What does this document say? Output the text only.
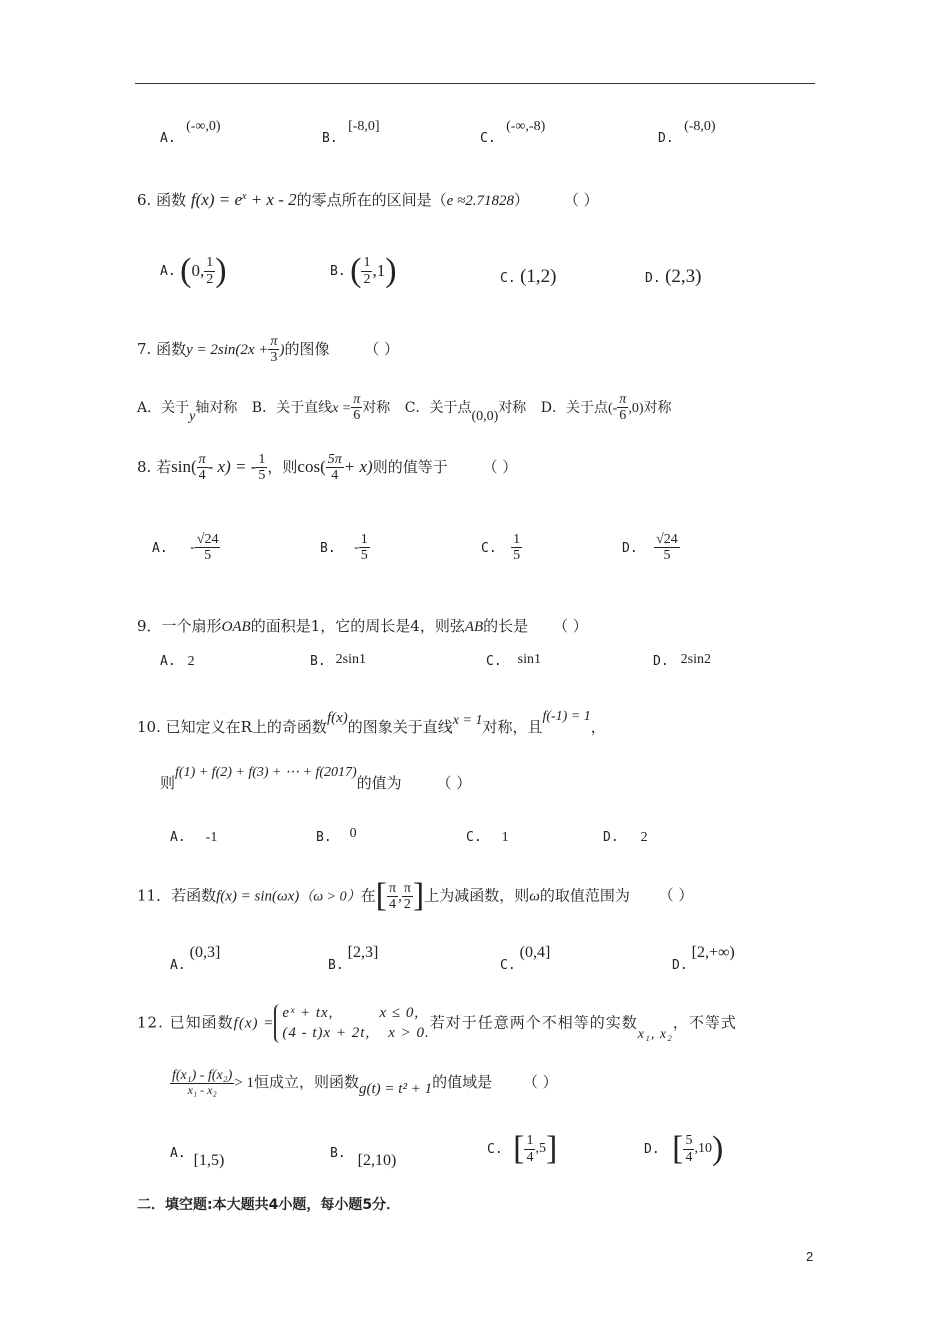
A. (-∞,0)
B. [-8,0]
C. (-∞,-8)
D. (-8,0)
6. 函数 $f(x) = e^x + x - 2$的零点所在的区间是（e ≈2.71828） （ ）
A. (0, $\frac{1}{2}$ )	B. ( $\frac{1}{2} ,1$)	C. (1,2)	D. (2,3)
7. 函数$y = 2\sin(2x + \frac{\pi}{3}$ )的图像 （ ）
A．关于y轴对称 B．关于直线$x = \frac{\pi}{6}$ 对称 C．关于点(0,0)对称 D．关于点(- $\frac{\pi}{6} ,0$)对称
8. 若$\sin( \frac{\pi}{4} - x)$ = - $\frac{1}{5}$ ，则$\cos( \frac{5\pi}{4} + x)$则的值等于 （ ）
A. - $\frac{√24}{5}$	B. - $\frac{1}{5}$	C. $\frac{1}{5}$	D. $\frac{√24}{5}$
9．一个扇形OAB的面积是1，它的周长是4，则弦AB的长是 （ ）
A. 2	B. 2sin1	C. sin1	D. 2sin2
10. 已知定义在R上的奇函数f(x)的图象关于直线x = 1对称，且f(-1) = 1，
则f(1) + f(2) + f(3) + ⋯ + f(2017)的值为 （ ）
A. -1	B. 0	C. 1	D. 2
11．若函数f(x) = sin(ωx)（ω > 0）在[ $\frac{\pi}{4}$ , $\frac{\pi}{2}$ ]上为减函数，则ω的取值范围为 （ ）
A.(0,3]
B.[2,3]
C.(0,4]
D.[2,+∞)
12. 已知函数f(x) =
eˣ + tx,	x ≤ 0,
(4 - t)x + 2t, x > 0.
若对于任意两个不相等的实数x₁, x₂，不等式
$\frac{\text{f(x₁) - f(x₂)}}{\text{x₁ - x₂}} > 1$恒成立，则函数g(t) = t² + 1的值域是 （ ）
A. [1,5)	B. [2,10)
C. [ $\frac{1}{4} ,5$]	D. [ $\frac{5}{4} ,10$)
二．填空题:本大题共4小题，每小题5分．
2
